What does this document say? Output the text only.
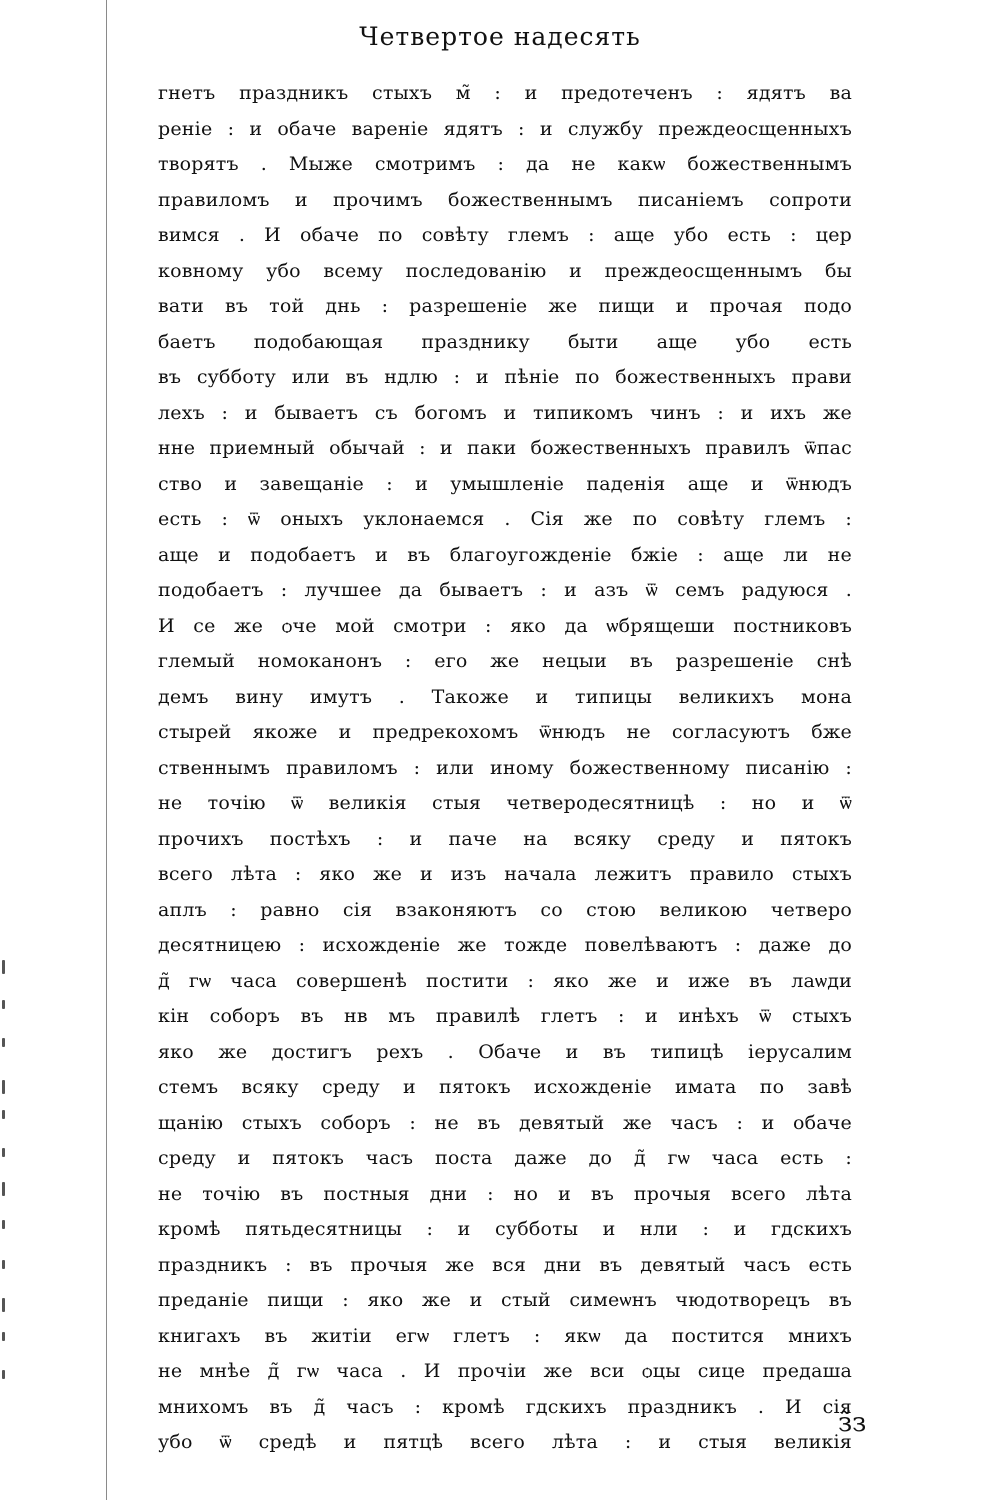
Четвертое надесять
гнетъ праздникъ стыхъ м̃ : и предотеченъ : ядятъ ва
реніе : и обаче вареніе ядятъ : и службу преждеосщенныхъ
творятъ . Мыже смотримъ : да не какѡ божественнымъ
правиломъ и прочимъ божественнымъ писаніемъ сопроти
вимся . И обаче по совѣту глемъ : аще убо есть : цер
ковному убо всему последованію и преждеосщеннымъ бы
вати въ той днь : разрешеніе же пищи и прочая подо
баетъ подобающая празднику быти аще убо есть
въ субботу или въ ндлю : и пѣніе по божественныхъ прави
лехъ : и бываетъ съ богомъ и типикомъ чинъ : и ихъ же
нне приемный обычай : и паки божественныхъ правилъ ѿпас
ство и завещаніе : и умышленіе паденія аще и ѿнюдъ
есть : ѿ оныхъ уклонаемся . Сія же по совѣту глемъ :
аще и подобаетъ и въ благоугожденіе бжіе : аще ли не
подобаетъ : лучшее да бываетъ : и азъ ѿ семъ радуюся .
И се же ѻче мой смотри : яко да ѡбрящеши постниковъ
глемый номоканонъ : его же нецыи въ разрешеніе снѣ
демъ вину имутъ . Такоже и типицы великихъ мона
стырей якоже и предрекохомъ ѿнюдъ не согласуютъ бже
ственнымъ правиломъ : или иному божественному писанію :
не точію ѿ великія стыя четверодесятницѣ : но и ѿ
прочихъ постѣхъ : и паче на всяку среду и пятокъ
всего лѣта : яко же и изъ начала лежитъ правило стыхъ
аплъ : равно сія взаконяютъ со стою великою четверо
десятницею : исхожденіе же тожде повелѣваютъ : даже до
д̃ гѡ часа совершенѣ постити : яко же и иже въ лаѡди
кін соборъ въ нв мъ правилѣ глетъ : и инѣхъ ѿ стыхъ
яко же достигъ рехъ . Обаче и въ типицѣ іерусалим
стемъ всяку среду и пятокъ исхожденіе имата по завѣ
щанію стыхъ соборъ : не въ девятый же часъ : и обаче
среду и пятокъ часъ поста даже до д̃ гѡ часа есть :
не точію въ постныя дни : но и въ прочыя всего лѣта
кромѣ пятьдесятницы : и субботы и нли : и гдскихъ
праздникъ : въ прочыя же вся дни въ девятый часъ есть
преданіе пищи : яко же и стый симеѡнъ чюдотворецъ въ
книгахъ въ житіи егѡ глетъ : якѡ да постится мнихъ
не мнѣе д̃ гѡ часа . И прочіи же вси ѻцы сице предаша
мнихомъ въ д̃ часъ : кромѣ гдскихъ праздникъ . И сія
убо ѿ средѣ и пятцѣ всего лѣта : и стыя великія
з̃з
